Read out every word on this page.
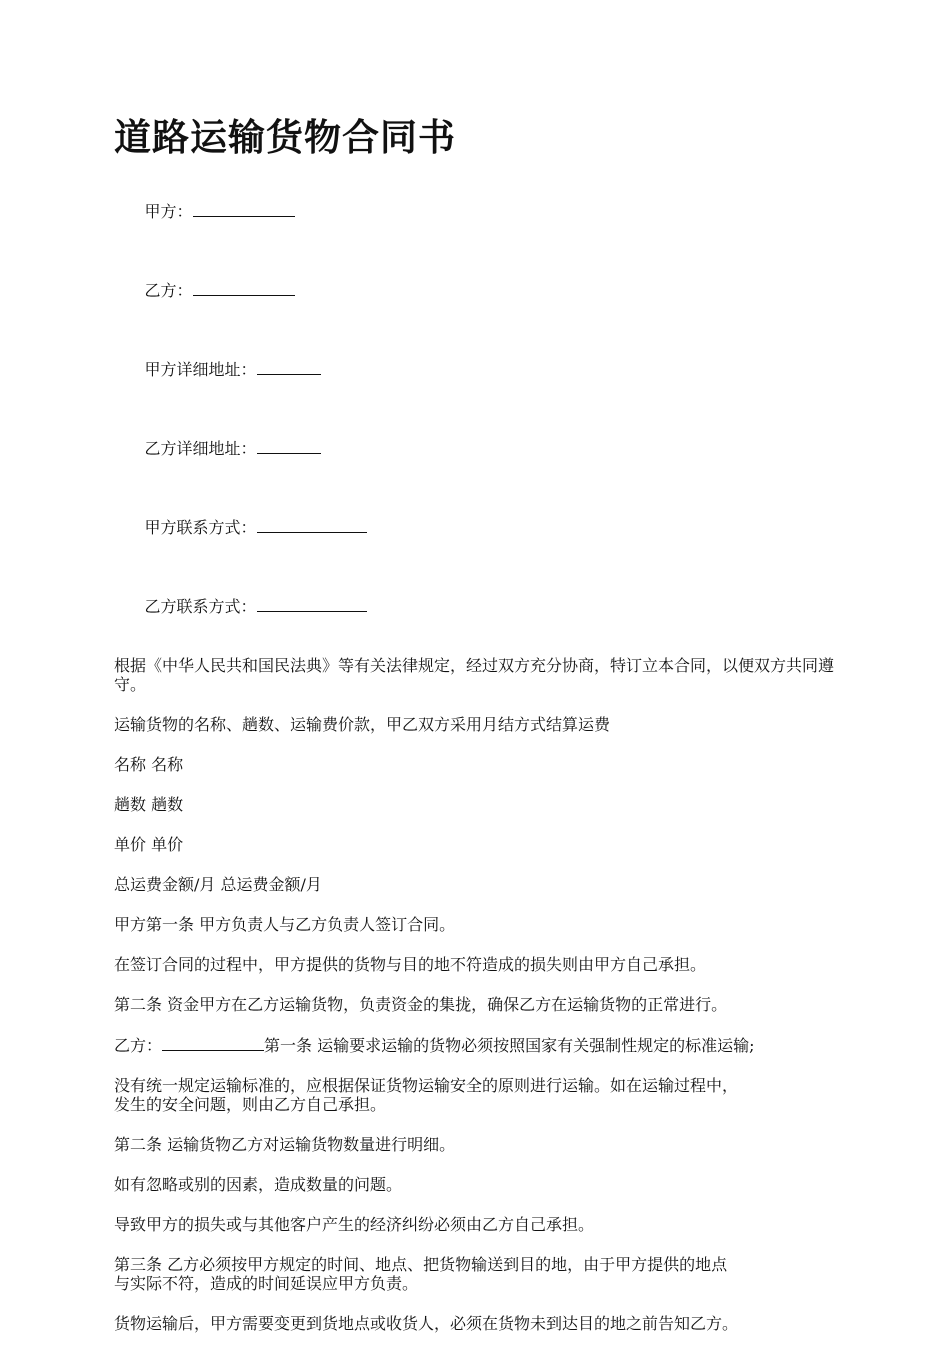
道路运输货物合同书

甲方：

乙方：

甲方详细地址：

乙方详细地址：

甲方联系方式：

乙方联系方式：

根据《中华人民共和国民法典》等有关法律规定，经过双方充分协商，特订立本合同，以便双方共同遵守。

运输货物的名称、趟数、运输费价款，甲乙双方采用月结方式结算运费

名称 名称

趟数 趟数

单价 单价

总运费金额/月 总运费金额/月

甲方第一条 甲方负责人与乙方负责人签订合同。

在签订合同的过程中，甲方提供的货物与目的地不符造成的损失则由甲方自己承担。

第二条 资金甲方在乙方运输货物，负责资金的集拢，确保乙方在运输货物的正常进行。

乙方：	第一条 运输要求运输的货物必须按照国家有关强制性规定的标准运输;

没有统一规定运输标准的，应根据保证货物运输安全的原则进行运输。如在运输过程中，
发生的安全问题，则由乙方自己承担。

第二条 运输货物乙方对运输货物数量进行明细。

如有忽略或别的因素，造成数量的问题。

导致甲方的损失或与其他客户产生的经济纠纷必须由乙方自己承担。

第三条 乙方必须按甲方规定的时间、地点、把货物输送到目的地，由于甲方提供的地点
与实际不符，造成的时间延误应甲方负责。

货物运输后，甲方需要变更到货地点或收货人，必须在货物未到达目的地之前告知乙方。
